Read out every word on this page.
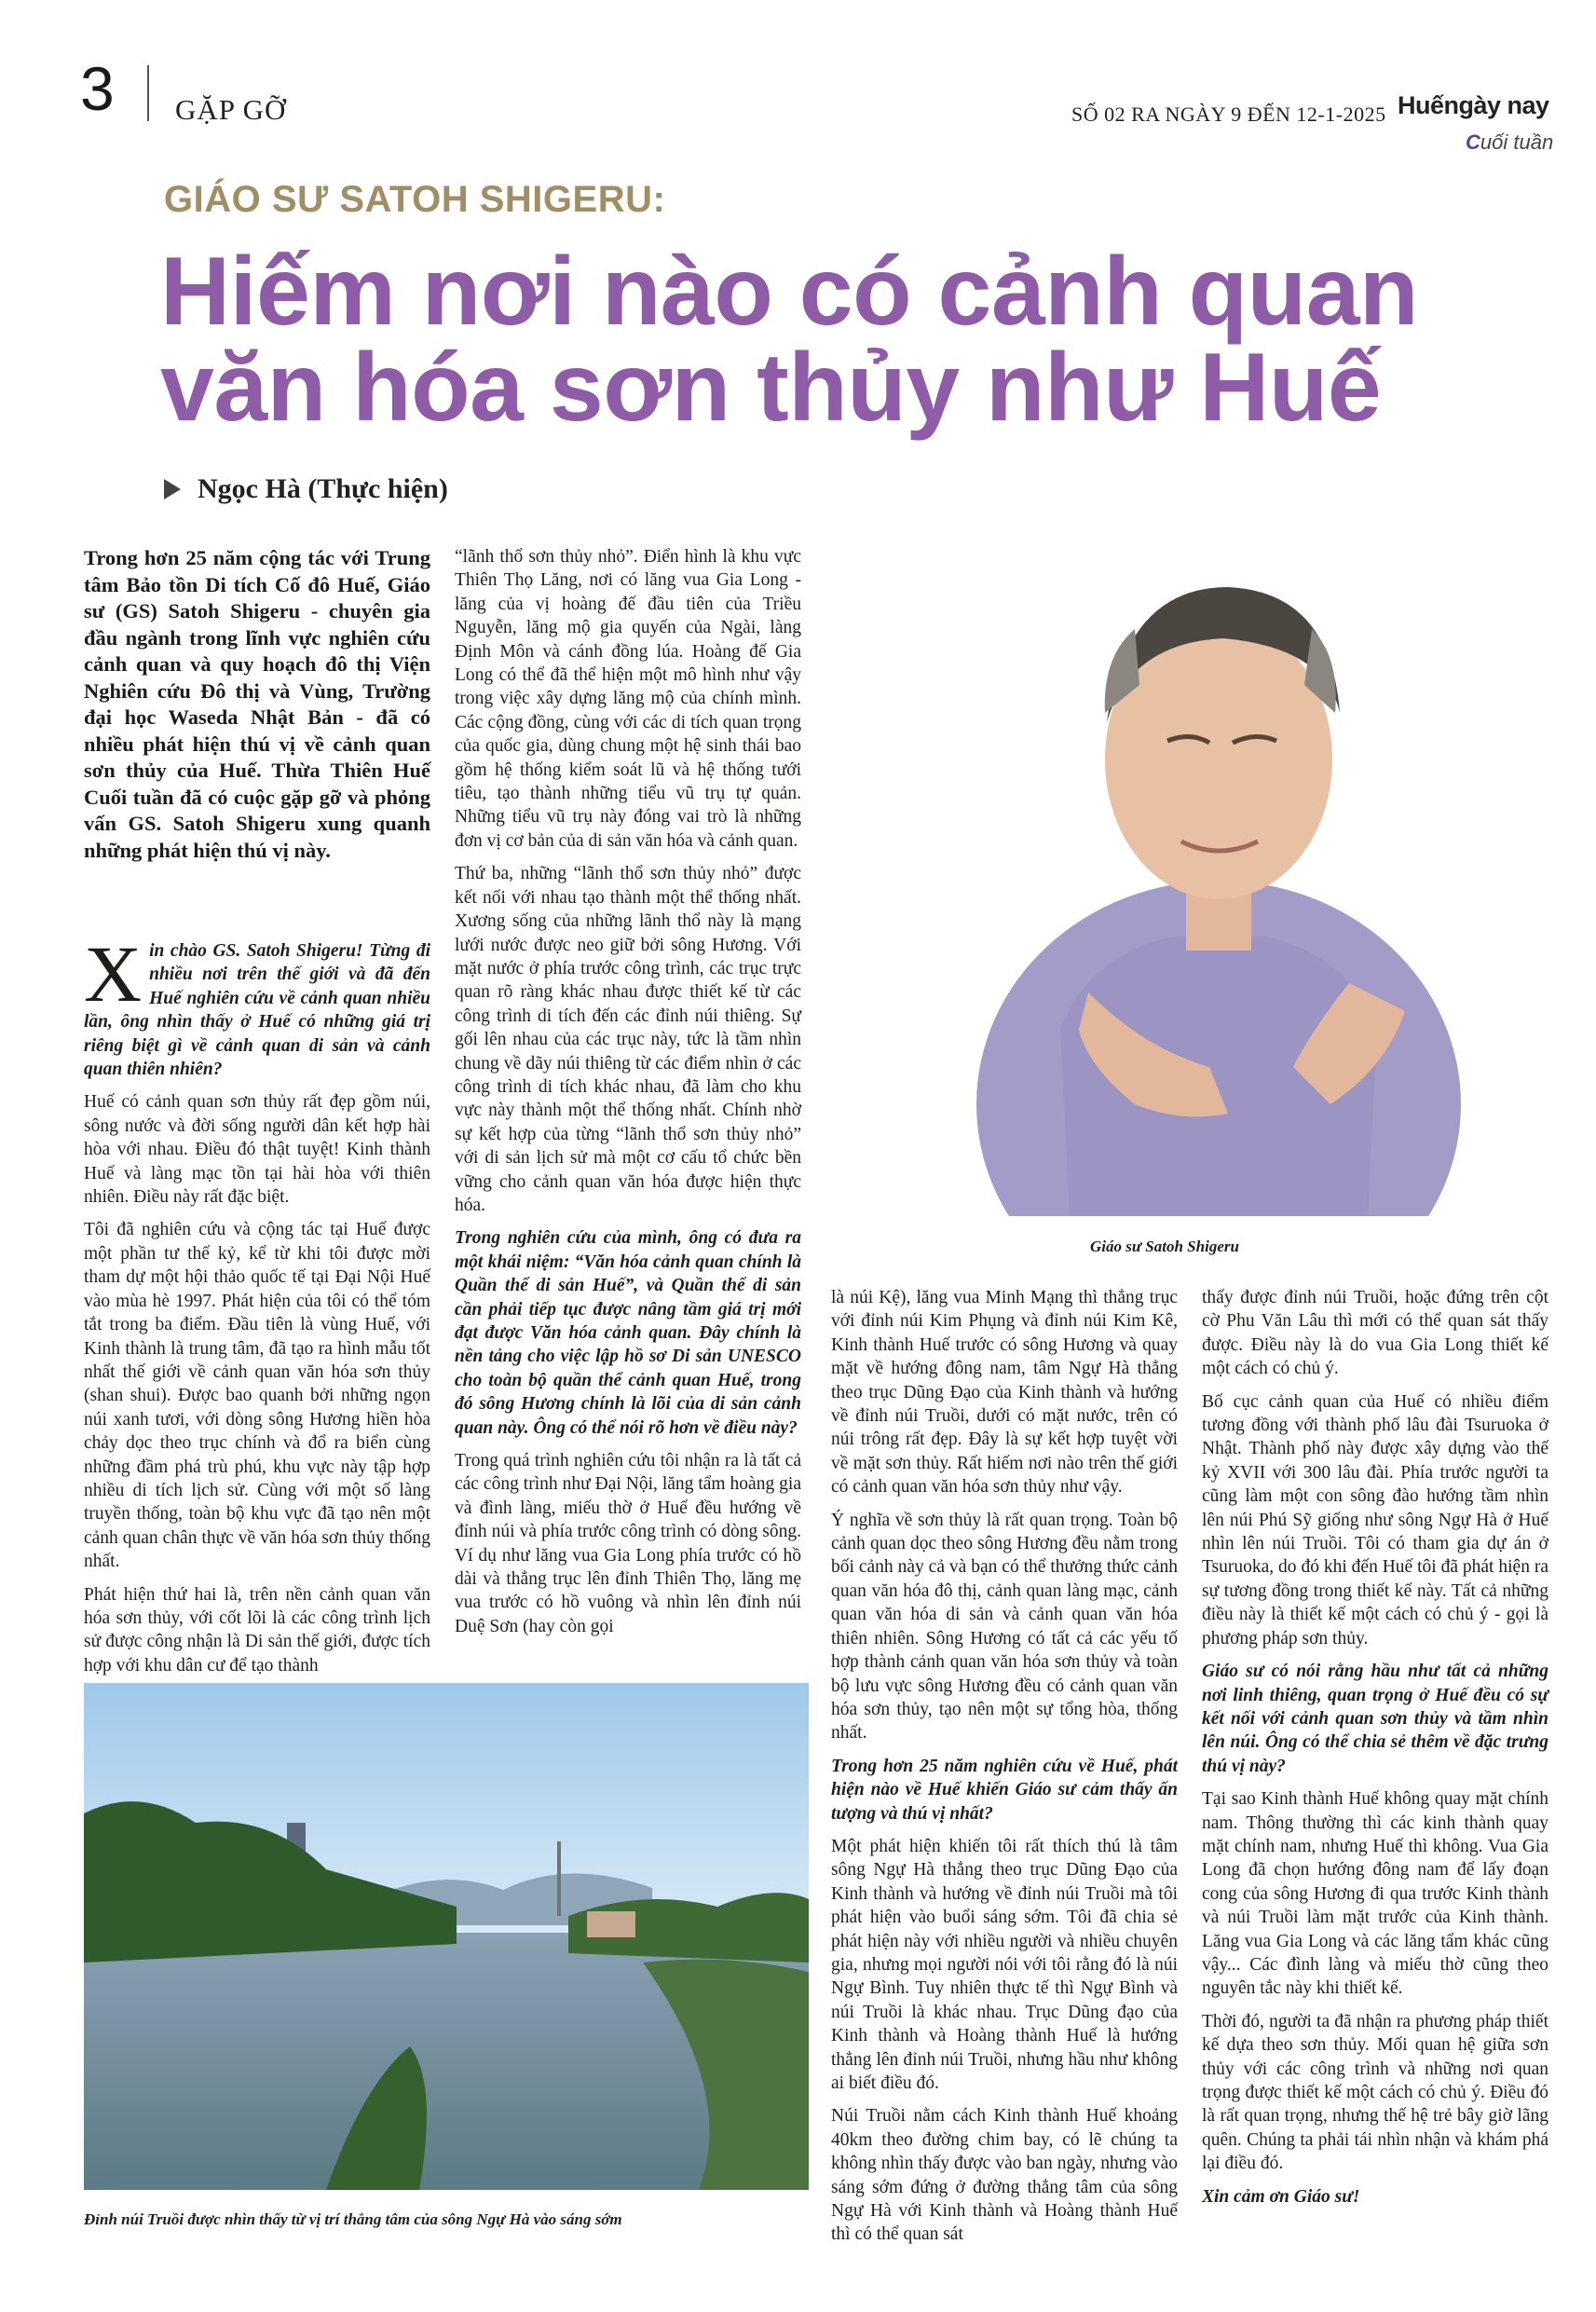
3 GẶP GỠ	SỐ 02 RA NGÀY 9 ĐẾN 12-1-2025 Huếngày nay
Cuối tuần
GIÁO SƯ SATOH SHIGERU:
Hiếm nơi nào có cảnh quan văn hóa sơn thủy như Huế
Ngọc Hà (Thực hiện)

Trong hơn 25 năm cộng tác với Trung tâm Bảo tồn Di tích Cố đô Huế, Giáo sư (GS) Satoh Shigeru - chuyên gia đầu ngành trong lĩnh vực nghiên cứu cảnh quan và quy hoạch đô thị Viện Nghiên cứu Đô thị và Vùng, Trường đại học Waseda Nhật Bản - đã có nhiều phát hiện thú vị về cảnh quan sơn thủy của Huế. Thừa Thiên Huế Cuối tuần đã có cuộc gặp gỡ và phỏng vấn GS. Satoh Shigeru xung quanh những phát hiện thú vị này.

Xin chào GS. Satoh Shigeru! Từng đi nhiều nơi trên thế giới và đã đến Huế nghiên cứu về cảnh quan nhiều lần, ông nhìn thấy ở Huế có những giá trị riêng biệt gì về cảnh quan di sản và cảnh quan thiên nhiên?

Huế có cảnh quan sơn thủy rất đẹp gồm núi, sông nước và đời sống người dân kết hợp hài hòa với nhau. Điều đó thật tuyệt! Kinh thành Huế và làng mạc tồn tại hài hòa với thiên nhiên. Điều này rất đặc biệt.

Tôi đã nghiên cứu và cộng tác tại Huế được một phần tư thế kỷ, kể từ khi tôi được mời tham dự một hội thảo quốc tế tại Đại Nội Huế vào mùa hè 1997. Phát hiện của tôi có thể tóm tắt trong ba điểm. Đầu tiên là vùng Huế, với Kinh thành là trung tâm, đã tạo ra hình mẫu tốt nhất thế giới về cảnh quan văn hóa sơn thủy (shan shui). Được bao quanh bởi những ngọn núi xanh tươi, với dòng sông Hương hiền hòa chảy dọc theo trục chính và đổ ra biển cùng những đầm phá trù phú, khu vực này tập hợp nhiều di tích lịch sử. Cùng với một số làng truyền thống, toàn bộ khu vực đã tạo nên một cảnh quan chân thực về văn hóa sơn thủy thống nhất.

Phát hiện thứ hai là, trên nền cảnh quan văn hóa sơn thủy, với cốt lõi là các công trình lịch sử được công nhận là Di sản thế giới, được tích hợp với khu dân cư để tạo thành

“lãnh thổ sơn thủy nhỏ”. Điển hình là khu vực Thiên Thọ Lăng, nơi có lăng vua Gia Long - lăng của vị hoàng đế đầu tiên của Triều Nguyễn, lăng mộ gia quyến của Ngài, làng Định Môn và cánh đồng lúa. Hoàng đế Gia Long có thể đã thể hiện một mô hình như vậy trong việc xây dựng lăng mộ của chính mình. Các cộng đồng, cùng với các di tích quan trọng của quốc gia, dùng chung một hệ sinh thái bao gồm hệ thống kiểm soát lũ và hệ thống tưới tiêu, tạo thành những tiểu vũ trụ tự quản. Những tiểu vũ trụ này đóng vai trò là những đơn vị cơ bản của di sản văn hóa và cảnh quan.

Thứ ba, những “lãnh thổ sơn thủy nhỏ” được kết nối với nhau tạo thành một thể thống nhất. Xương sống của những lãnh thổ này là mạng lưới nước được neo giữ bởi sông Hương. Với mặt nước ở phía trước công trình, các trục trực quan rõ ràng khác nhau được thiết kế từ các công trình di tích đến các đỉnh núi thiêng. Sự gối lên nhau của các trục này, tức là tầm nhìn chung về dãy núi thiêng từ các điểm nhìn ở các công trình di tích khác nhau, đã làm cho khu vực này thành một thể thống nhất. Chính nhờ sự kết hợp của từng “lãnh thổ sơn thủy nhỏ” với di sản lịch sử mà một cơ cấu tổ chức bền vững cho cảnh quan văn hóa được hiện thực hóa.

Trong nghiên cứu của mình, ông có đưa ra một khái niệm: “Văn hóa cảnh quan chính là Quần thể di sản Huế”, và Quần thể di sản cần phải tiếp tục được nâng tầm giá trị mới đạt được Văn hóa cảnh quan. Đây chính là nền tảng cho việc lập hồ sơ Di sản UNESCO cho toàn bộ quần thể cảnh quan Huế, trong đó sông Hương chính là lõi của di sản cảnh quan này. Ông có thể nói rõ hơn về điều này?

Trong quá trình nghiên cứu tôi nhận ra là tất cả các công trình như Đại Nội, lăng tẩm hoàng gia và đình làng, miếu thờ ở Huế đều hướng về đỉnh núi và phía trước công trình có dòng sông. Ví dụ như lăng vua Gia Long phía trước có hồ dài và thẳng trục lên đỉnh Thiên Thọ, lăng mẹ vua trước có hồ vuông và nhìn lên đỉnh núi Duệ Sơn (hay còn gọi

Giáo sư Satoh Shigeru

là núi Kệ), lăng vua Minh Mạng thì thẳng trục với đỉnh núi Kim Phụng và đỉnh núi Kim Kê, Kinh thành Huế trước có sông Hương và quay mặt về hướng đông nam, tâm Ngự Hà thẳng theo trục Dũng Đạo của Kinh thành và hướng về đỉnh núi Truồi, dưới có mặt nước, trên có núi trông rất đẹp. Đây là sự kết hợp tuyệt vời về mặt sơn thủy. Rất hiếm nơi nào trên thế giới có cảnh quan văn hóa sơn thủy như vậy.

Ý nghĩa về sơn thủy là rất quan trọng. Toàn bộ cảnh quan dọc theo sông Hương đều nằm trong bối cảnh này cả và bạn có thể thưởng thức cảnh quan văn hóa đô thị, cảnh quan làng mạc, cảnh quan văn hóa di sản và cảnh quan văn hóa thiên nhiên. Sông Hương có tất cả các yếu tố hợp thành cảnh quan văn hóa sơn thủy và toàn bộ lưu vực sông Hương đều có cảnh quan văn hóa sơn thủy, tạo nên một sự tổng hòa, thống nhất.

Trong hơn 25 năm nghiên cứu về Huế, phát hiện nào về Huế khiến Giáo sư cảm thấy ấn tượng và thú vị nhất?

Một phát hiện khiến tôi rất thích thú là tâm sông Ngự Hà thẳng theo trục Dũng Đạo của Kinh thành và hướng về đỉnh núi Truồi mà tôi phát hiện vào buổi sáng sớm. Tôi đã chia sẻ phát hiện này với nhiều người và nhiều chuyên gia, nhưng mọi người nói với tôi rằng đó là núi Ngự Bình. Tuy nhiên thực tế thì Ngự Bình và núi Truồi là khác nhau. Trục Dũng đạo của Kinh thành và Hoàng thành Huế là hướng thẳng lên đỉnh núi Truồi, nhưng hầu như không ai biết điều đó.

Núi Truồi nằm cách Kinh thành Huế khoảng 40km theo đường chim bay, có lẽ chúng ta không nhìn thấy được vào ban ngày, nhưng vào sáng sớm đứng ở đường thẳng tâm của sông Ngự Hà với Kinh thành và Hoàng thành Huế thì có thể quan sát

thấy được đỉnh núi Truồi, hoặc đứng trên cột cờ Phu Văn Lâu thì mới có thể quan sát thấy được. Điều này là do vua Gia Long thiết kế một cách có chủ ý.

Bố cục cảnh quan của Huế có nhiều điểm tương đồng với thành phố lâu đài Tsuruoka ở Nhật. Thành phố này được xây dựng vào thế kỷ XVII với 300 lâu đài. Phía trước người ta cũng làm một con sông đào hướng tầm nhìn lên núi Phú Sỹ giống như sông Ngự Hà ở Huế nhìn lên núi Truồi. Tôi có tham gia dự án ở Tsuruoka, do đó khi đến Huế tôi đã phát hiện ra sự tương đồng trong thiết kế này. Tất cả những điều này là thiết kế một cách có chủ ý - gọi là phương pháp sơn thủy.

Giáo sư có nói rằng hầu như tất cả những nơi linh thiêng, quan trọng ở Huế đều có sự kết nối với cảnh quan sơn thủy và tầm nhìn lên núi. Ông có thể chia sẻ thêm về đặc trưng thú vị này?

Tại sao Kinh thành Huế không quay mặt chính nam. Thông thường thì các kinh thành quay mặt chính nam, nhưng Huế thì không. Vua Gia Long đã chọn hướng đông nam để lấy đoạn cong của sông Hương đi qua trước Kinh thành và núi Truồi làm mặt trước của Kinh thành. Lăng vua Gia Long và các lăng tẩm khác cũng vậy... Các đình làng và miếu thờ cũng theo nguyên tắc này khi thiết kế.

Thời đó, người ta đã nhận ra phương pháp thiết kế dựa theo sơn thủy. Mối quan hệ giữa sơn thủy với các công trình và những nơi quan trọng được thiết kế một cách có chủ ý. Điều đó là rất quan trọng, nhưng thế hệ trẻ bây giờ lãng quên. Chúng ta phải tái nhìn nhận và khám phá lại điều đó.

Xin cảm ơn Giáo sư!

Đỉnh núi Truồi được nhìn thấy từ vị trí thẳng tâm của sông Ngự Hà vào sáng sớm
